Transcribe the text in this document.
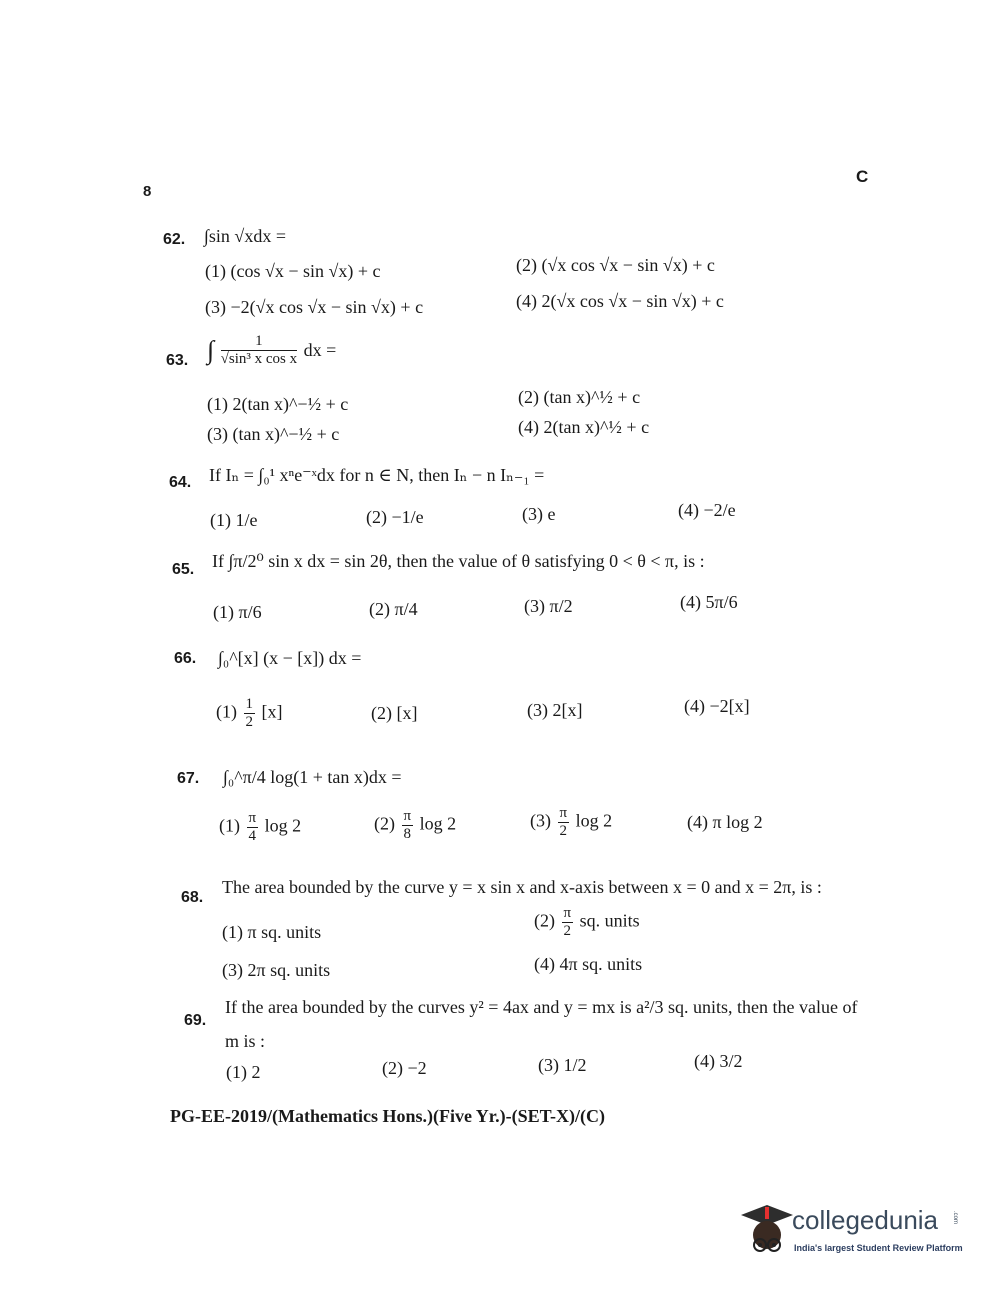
8
C
62. ∫sin √xdx =
(1) (cos √x − sin √x) + c	(2) (√x cos √x − sin √x) + c
(3) −2(√x cos √x − sin √x) + c	(4) 2(√x cos √x − sin √x) + c
63. ∫ $\frac{1}{\text{√sin³ x cos x}}$ dx =
(1) 2(tan x)^−½ + c	(2) (tan x)^½ + c
(3) (tan x)^−½ + c	(4) 2(tan x)^½ + c
64. If Iₙ = ∫₀¹ xⁿe⁻ˣdx for n ∈ N, then Iₙ − n Iₙ₋₁ =
(1) 1/e	(2) −1/e	(3) e	(4) −2/e
65. If ∫π/2⁰ sin x dx = sin 2θ, then the value of θ satisfying 0 < θ < π, is :
(1) π/6	(2) π/4	(3) π/2	(4) 5π/6
66. ∫₀^[x] (x − [x]) dx =
$(1) \frac{1}{2} [x]$	(2) [x]	(3) 2[x]	(4) −2[x]
67. ∫₀^π/4 log(1 + tan x)dx =
$(1) \frac{\pi}{4}$ log 2	$(2) \frac{\pi}{8}$ log 2	$(3) \frac{\pi}{2}$ log 2	(4) π log 2
68.
The area bounded by the curve y = x sin x and x-axis between x = 0 and x = 2π, is :
(1) π sq. units
$(2) \frac{\pi}{2}$ sq. units
(3) 2π sq. units	(4) 4π sq. units
69.
If the area bounded by the curves y² = 4ax and y = mx is a²/3 sq. units, then the value of
m is :
(1) 2	(2) −2	(3) 1/2	(4) 3/2
PG-EE-2019/(Mathematics Hons.)(Five Yr.)-(SET-X)/(C)
collegedunia .com
India's largest Student Review Platform
